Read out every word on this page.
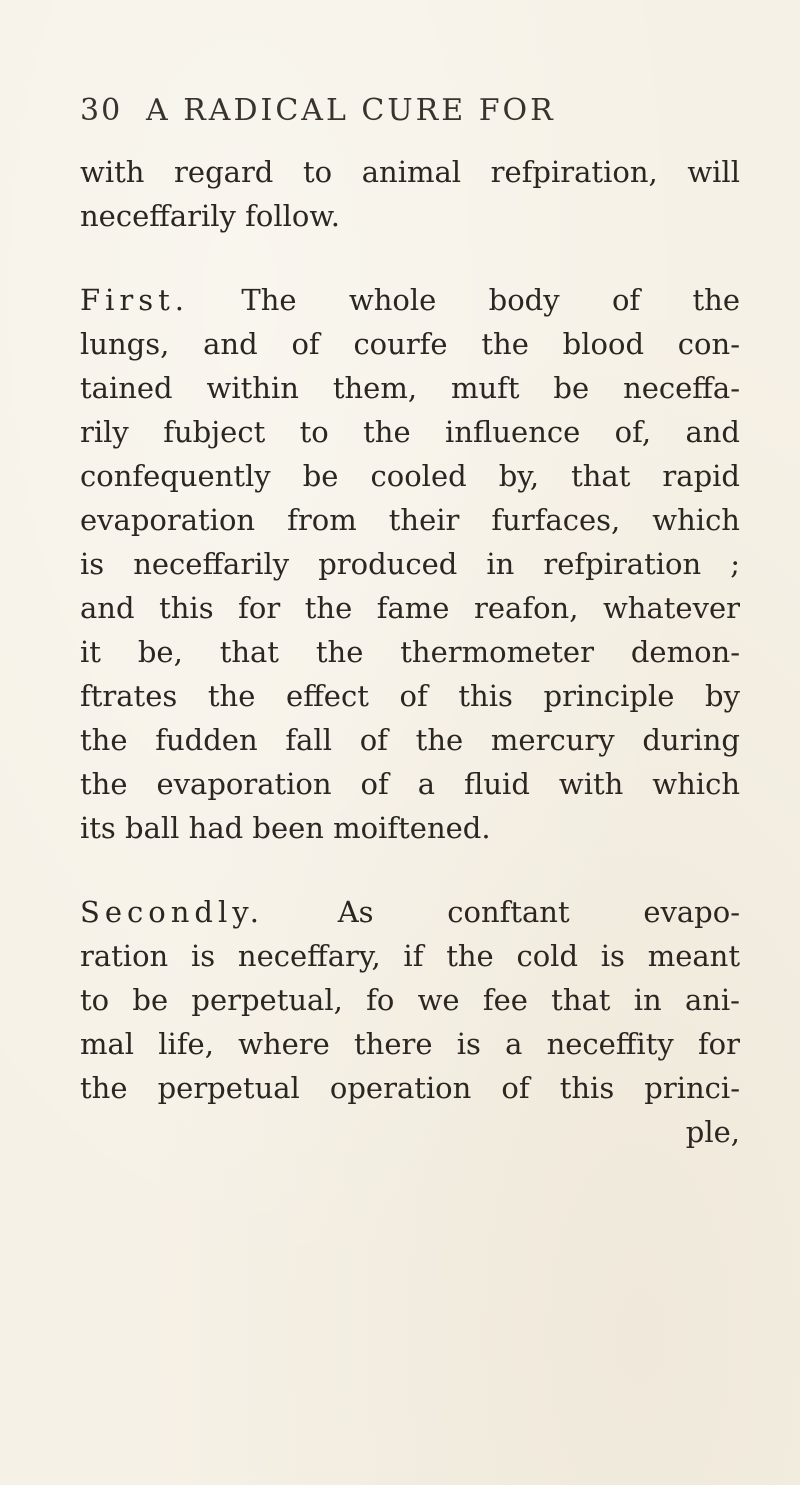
30 A RADICAL CURE FOR
with regard to animal refpiration, will
neceffarily follow.
First. The whole body of the
lungs, and of courfe the blood con-
tained within them, muft be neceffa-
rily fubject to the influence of, and
confequently be cooled by, that rapid
evaporation from their furfaces, which
is neceffarily produced in refpiration ;
and this for the fame reafon, whatever
it be, that the thermometer demon-
ftrates the effect of this principle by
the fudden fall of the mercury during
the evaporation of a fluid with which
its ball had been moiftened.
Secondly.	As conftant evapo-
ration is neceffary, if the cold is meant
to be perpetual, fo we fee that in ani-
mal life, where there is a neceffity for
the perpetual operation of this princi-
ple,
